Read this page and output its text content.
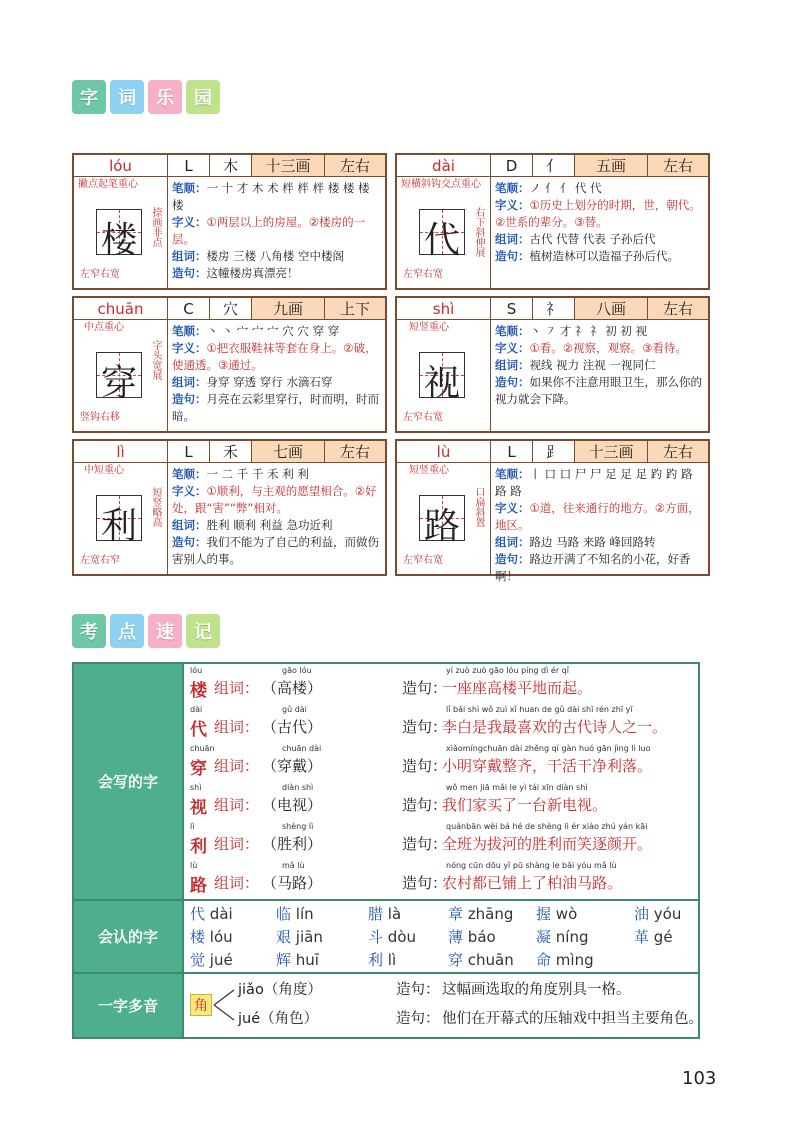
字	词	乐	园
lóu	L	木	十三画	左右
楼
撇点起笔重心
捺画非点
左窄右宽
笔顺：一 十 才 木 术 柈 柈 柈 楼 楼 楼 楼
字义：①两层以上的房屋。②楼房的一层。
组词：楼房 三楼 八角楼 空中楼阁
造句：这幢楼房真漂亮！
dài	D	亻	五画	左右
代
短横斜钩交点重心
右下斜伸展
左窄右宽
笔顺：ノ 亻 亻 代 代
字义：①历史上划分的时期，世，朝代。②世系的辈分。③替。
组词：古代 代替 代表 子孙后代
造句：植树造林可以造福子孙后代。
chuān	C	穴	九画	上下
穿
中点重心
字头宽展
竖钩右移
笔顺：丶 丶 宀 宀 宀 穴 穴 穿 穿
字义：①把衣服鞋袜等套在身上。②破，使通透。③通过。
组词：身穿 穿透 穿行 水滴石穿
造句：月亮在云彩里穿行，时而明，时而暗。
shì	S	礻	八画	左右
视
短竖重心
左窄右宽
笔顺：丶 ㇇ 才 礻 礻 初 初 视
字义：①看。②视察，观察。③看待。
组词：视线 视力 注视 一视同仁
造句：如果你不注意用眼卫生，那么你的视力就会下降。
lì	L	禾	七画	左右
利
中短重心
短竖略高
左宽右窄
笔顺：一 二 千 千 禾 利 利
字义：①顺利，与主观的愿望相合。②好处，跟“害”“弊”相对。
组词：胜利 顺利 利益 急功近利
造句：我们不能为了自己的利益，而做伤害别人的事。
lù	L	⻊	十三画	左右
路
短竖重心
口扁斜置
左窄右宽
笔顺：丨 口 口 尸 尸 足 足 足 趵 趵 路 路 路
字义：①道，往来通行的地方。②方面，地区。
组词：路边 马路 来路 峰回路转
造句：路边开满了不知名的小花，好香啊！
考	点	速	记
会写的字
lóu
楼 组词：
gāo lóu
（高楼）	造句：
yí zuò zuò gāo lóu píng dì ér qǐ
一座座高楼平地而起。
dài
代 组词：
gǔ dài
（古代）	造句：
lǐ bái shì wǒ zuì xǐ huan de gǔ dài shī rén zhī yī
李白是我最喜欢的古代诗人之一。
chuān
穿 组词：
chuān dài
（穿戴）	造句：
xiǎomíngchuān dài zhěng qí gàn huó gān jìng lì luo
小明穿戴整齐，干活干净利落。
shì
视 组词：
diàn shì
（电视）	造句：
wǒ men jiā mǎi le yì tái xīn diàn shì
我们家买了一台新电视。
lì
利 组词：
shèng lì
（胜利）	造句：
quánbān wèi bá hé de shèng lì ér xiào zhú yán kāi
全班为拔河的胜利而笑逐颜开。
lù
路 组词：
mǎ lù
（马路）	造句：
nóng cūn dōu yǐ pū shàng le bǎi yóu mǎ lù
农村都已铺上了柏油马路。
会认的字
代 dài	临 lín	腊 là	章 zhāng 握 wò	油 yóu
楼 lóu	艰 jiān	斗 dòu 薄 báo	凝 níng	革 gé
觉 jué	辉 huī	利 lì	穿 chuān 命 mìng
一字多音	角
jiǎo（角度）	造句： 这幅画选取的角度别具一格。
jué（角色）	造句： 他们在开幕式的压轴戏中担当主要角色。
103
